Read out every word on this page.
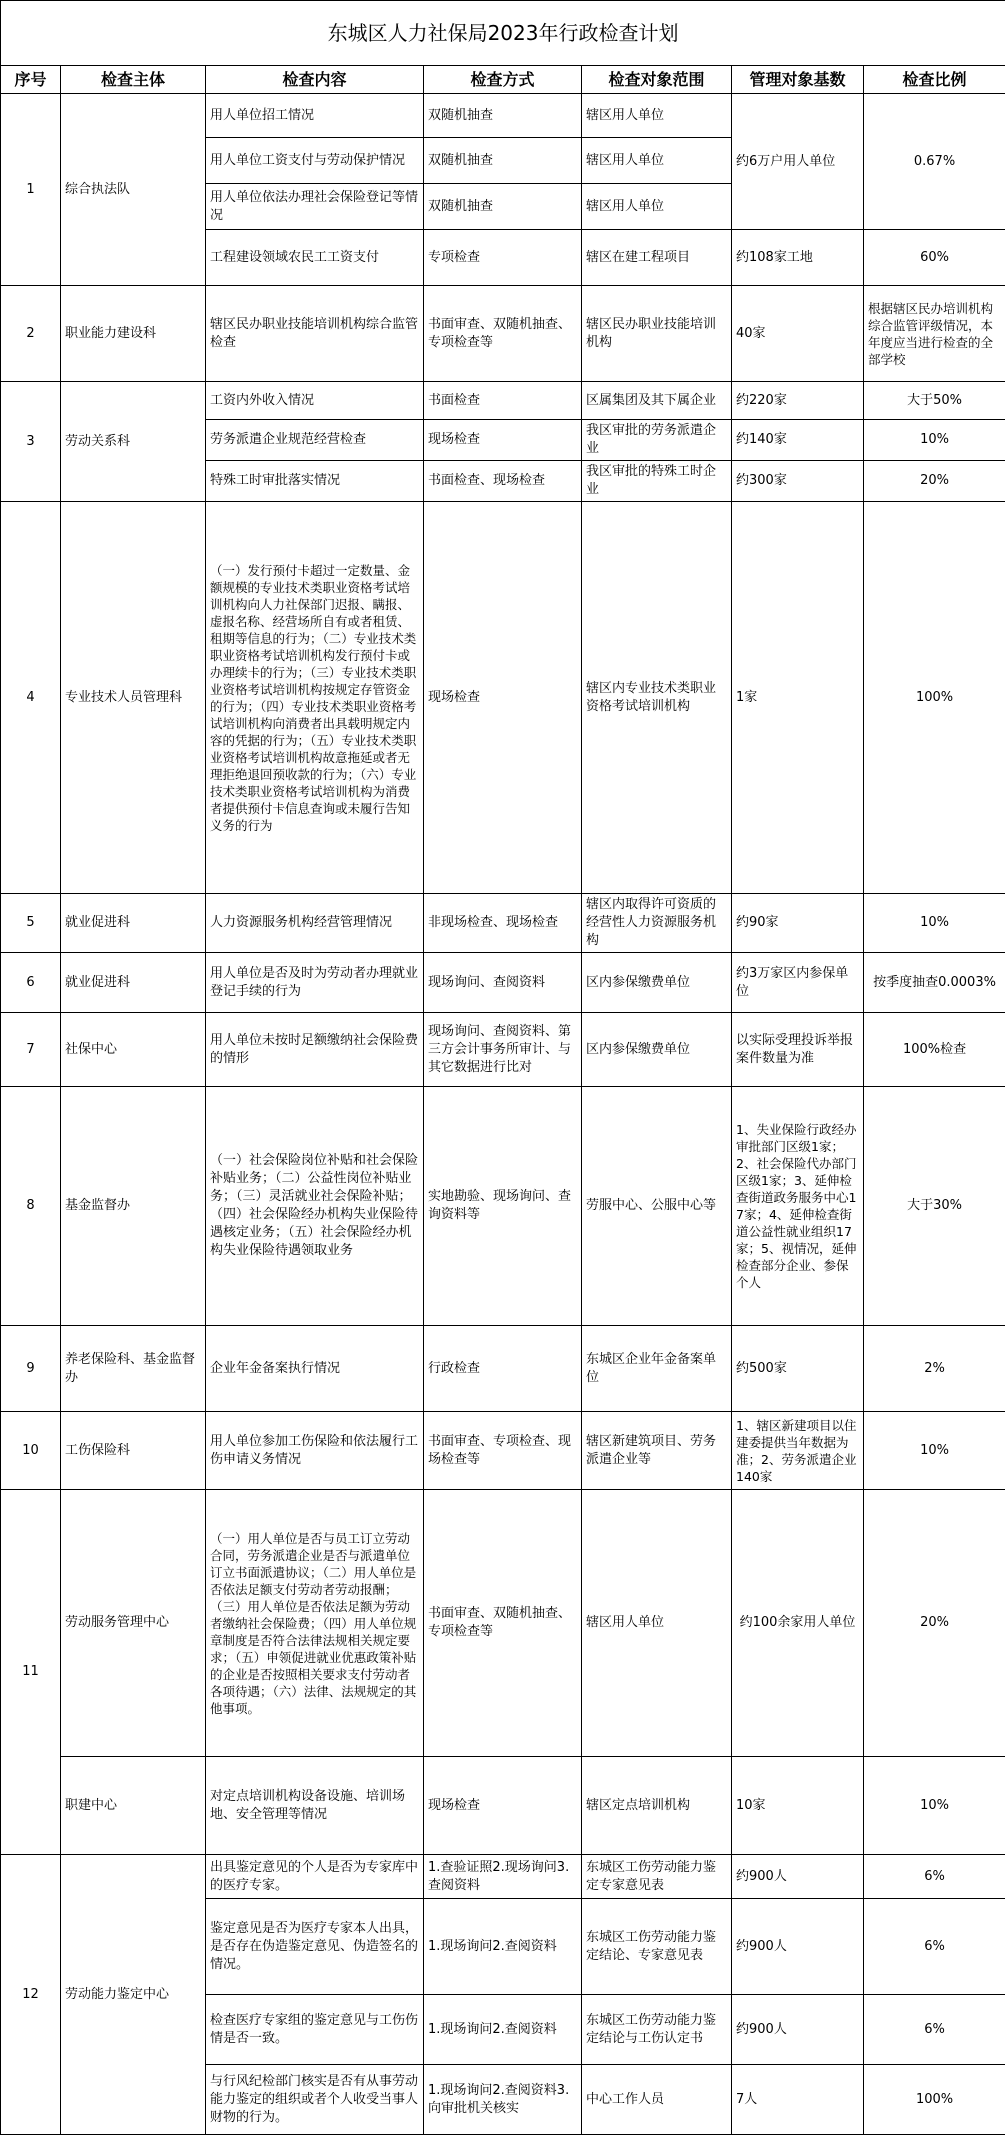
东城区人力社保局2023年行政检查计划						
序号	检查主体	检查内容	检查方式	检查对象范围	管理对象基数	检查比例
1	综合执法队	用人单位招工情况	双随机抽查	辖区用人单位	约6万户用人单位	0.67%
		用人单位工资支付与劳动保护情况	双随机抽查	辖区用人单位		
		用人单位依法办理社会保险登记等情况	双随机抽查	辖区用人单位		
		工程建设领域农民工工资支付	专项检查	辖区在建工程项目	约108家工地	60%
2	职业能力建设科	辖区民办职业技能培训机构综合监管检查	书面审查、双随机抽查、专项检查等	辖区民办职业技能培训机构	40家	根据辖区民办培训机构综合监管评级情况，本年度应当进行检查的全部学校
3	劳动关系科	工资内外收入情况	书面检查	区属集团及其下属企业	约220家	大于50%
		劳务派遣企业规范经营检查	现场检查	我区审批的劳务派遣企业	约140家	10%
		特殊工时审批落实情况	书面检查、现场检查	我区审批的特殊工时企业	约300家	20%
4	专业技术人员管理科	（一）发行预付卡超过一定数量、金额规模的专业技术类职业资格考试培训机构向人力社保部门迟报、瞒报、虚报名称、经营场所自有或者租赁、租期等信息的行为；（二）专业技术类职业资格考试培训机构发行预付卡或办理续卡的行为；（三）专业技术类职业资格考试培训机构按规定存管资金的行为；（四）专业技术类职业资格考试培训机构向消费者出具载明规定内容的凭据的行为；（五）专业技术类职业资格考试培训机构故意拖延或者无理拒绝退回预收款的行为；（六）专业技术类职业资格考试培训机构为消费者提供预付卡信息查询或未履行告知义务的行为	现场检查	辖区内专业技术类职业资格考试培训机构	1家	100%
5	就业促进科	人力资源服务机构经营管理情况	非现场检查、现场检查	辖区内取得许可资质的经营性人力资源服务机构	约90家	10%
6	就业促进科	用人单位是否及时为劳动者办理就业登记手续的行为	现场询问、查阅资料	区内参保缴费单位	约3万家区内参保单位	按季度抽查0.0003%
7	社保中心	用人单位未按时足额缴纳社会保险费的情形	现场询问、查阅资料、第三方会计事务所审计、与其它数据进行比对	区内参保缴费单位	以实际受理投诉举报案件数量为准	100%检查
8	基金监督办	（一）社会保险岗位补贴和社会保险补贴业务；（二）公益性岗位补贴业务；（三）灵活就业社会保险补贴；（四）社会保险经办机构失业保险待遇核定业务；（五）社会保险经办机构失业保险待遇领取业务	实地勘验、现场询问、查询资料等	劳服中心、公服中心等	1、失业保险行政经办审批部门区级1家；2、社会保险代办部门区级1家；3、延伸检查街道政务服务中心17家；4、延伸检查街道公益性就业组织17家；5、视情况，延伸检查部分企业、参保个人	大于30%
9	养老保险科、基金监督办	企业年金备案执行情况	行政检查	东城区企业年金备案单位	约500家	2%
10	工伤保险科	用人单位参加工伤保险和依法履行工伤申请义务情况	书面审查、专项检查、现场检查等	辖区新建筑项目、劳务派遣企业等	1、辖区新建项目以住建委提供当年数据为准；2、劳务派遣企业140家	10%
11	劳动服务管理中心	（一）用人单位是否与员工订立劳动合同，劳务派遣企业是否与派遣单位订立书面派遣协议；（二）用人单位是否依法足额支付劳动者劳动报酬；（三）用人单位是否依法足额为劳动者缴纳社会保险费；（四）用人单位规章制度是否符合法律法规相关规定要求；（五）申领促进就业优惠政策补贴的企业是否按照相关要求支付劳动者各项待遇；（六）法律、法规规定的其他事项。	书面审查、双随机抽查、专项检查等	辖区用人单位	约100余家用人单位	20%
	职建中心	对定点培训机构设备设施、培训场地、安全管理等情况	现场检查	辖区定点培训机构	10家	10%
12	劳动能力鉴定中心	出具鉴定意见的个人是否为专家库中的医疗专家。	1.查验证照2.现场询问3.查阅资料	东城区工伤劳动能力鉴定专家意见表	约900人	6%
		鉴定意见是否为医疗专家本人出具，是否存在伪造鉴定意见、伪造签名的情况。	1.现场询问2.查阅资料	东城区工伤劳动能力鉴定结论、专家意见表	约900人	6%
		检查医疗专家组的鉴定意见与工伤伤情是否一致。	1.现场询问2.查阅资料	东城区工伤劳动能力鉴定结论与工伤认定书	约900人	6%
		与行风纪检部门核实是否有从事劳动能力鉴定的组织或者个人收受当事人财物的行为。	1.现场询问2.查阅资料3.向审批机关核实	中心工作人员	7人	100%
